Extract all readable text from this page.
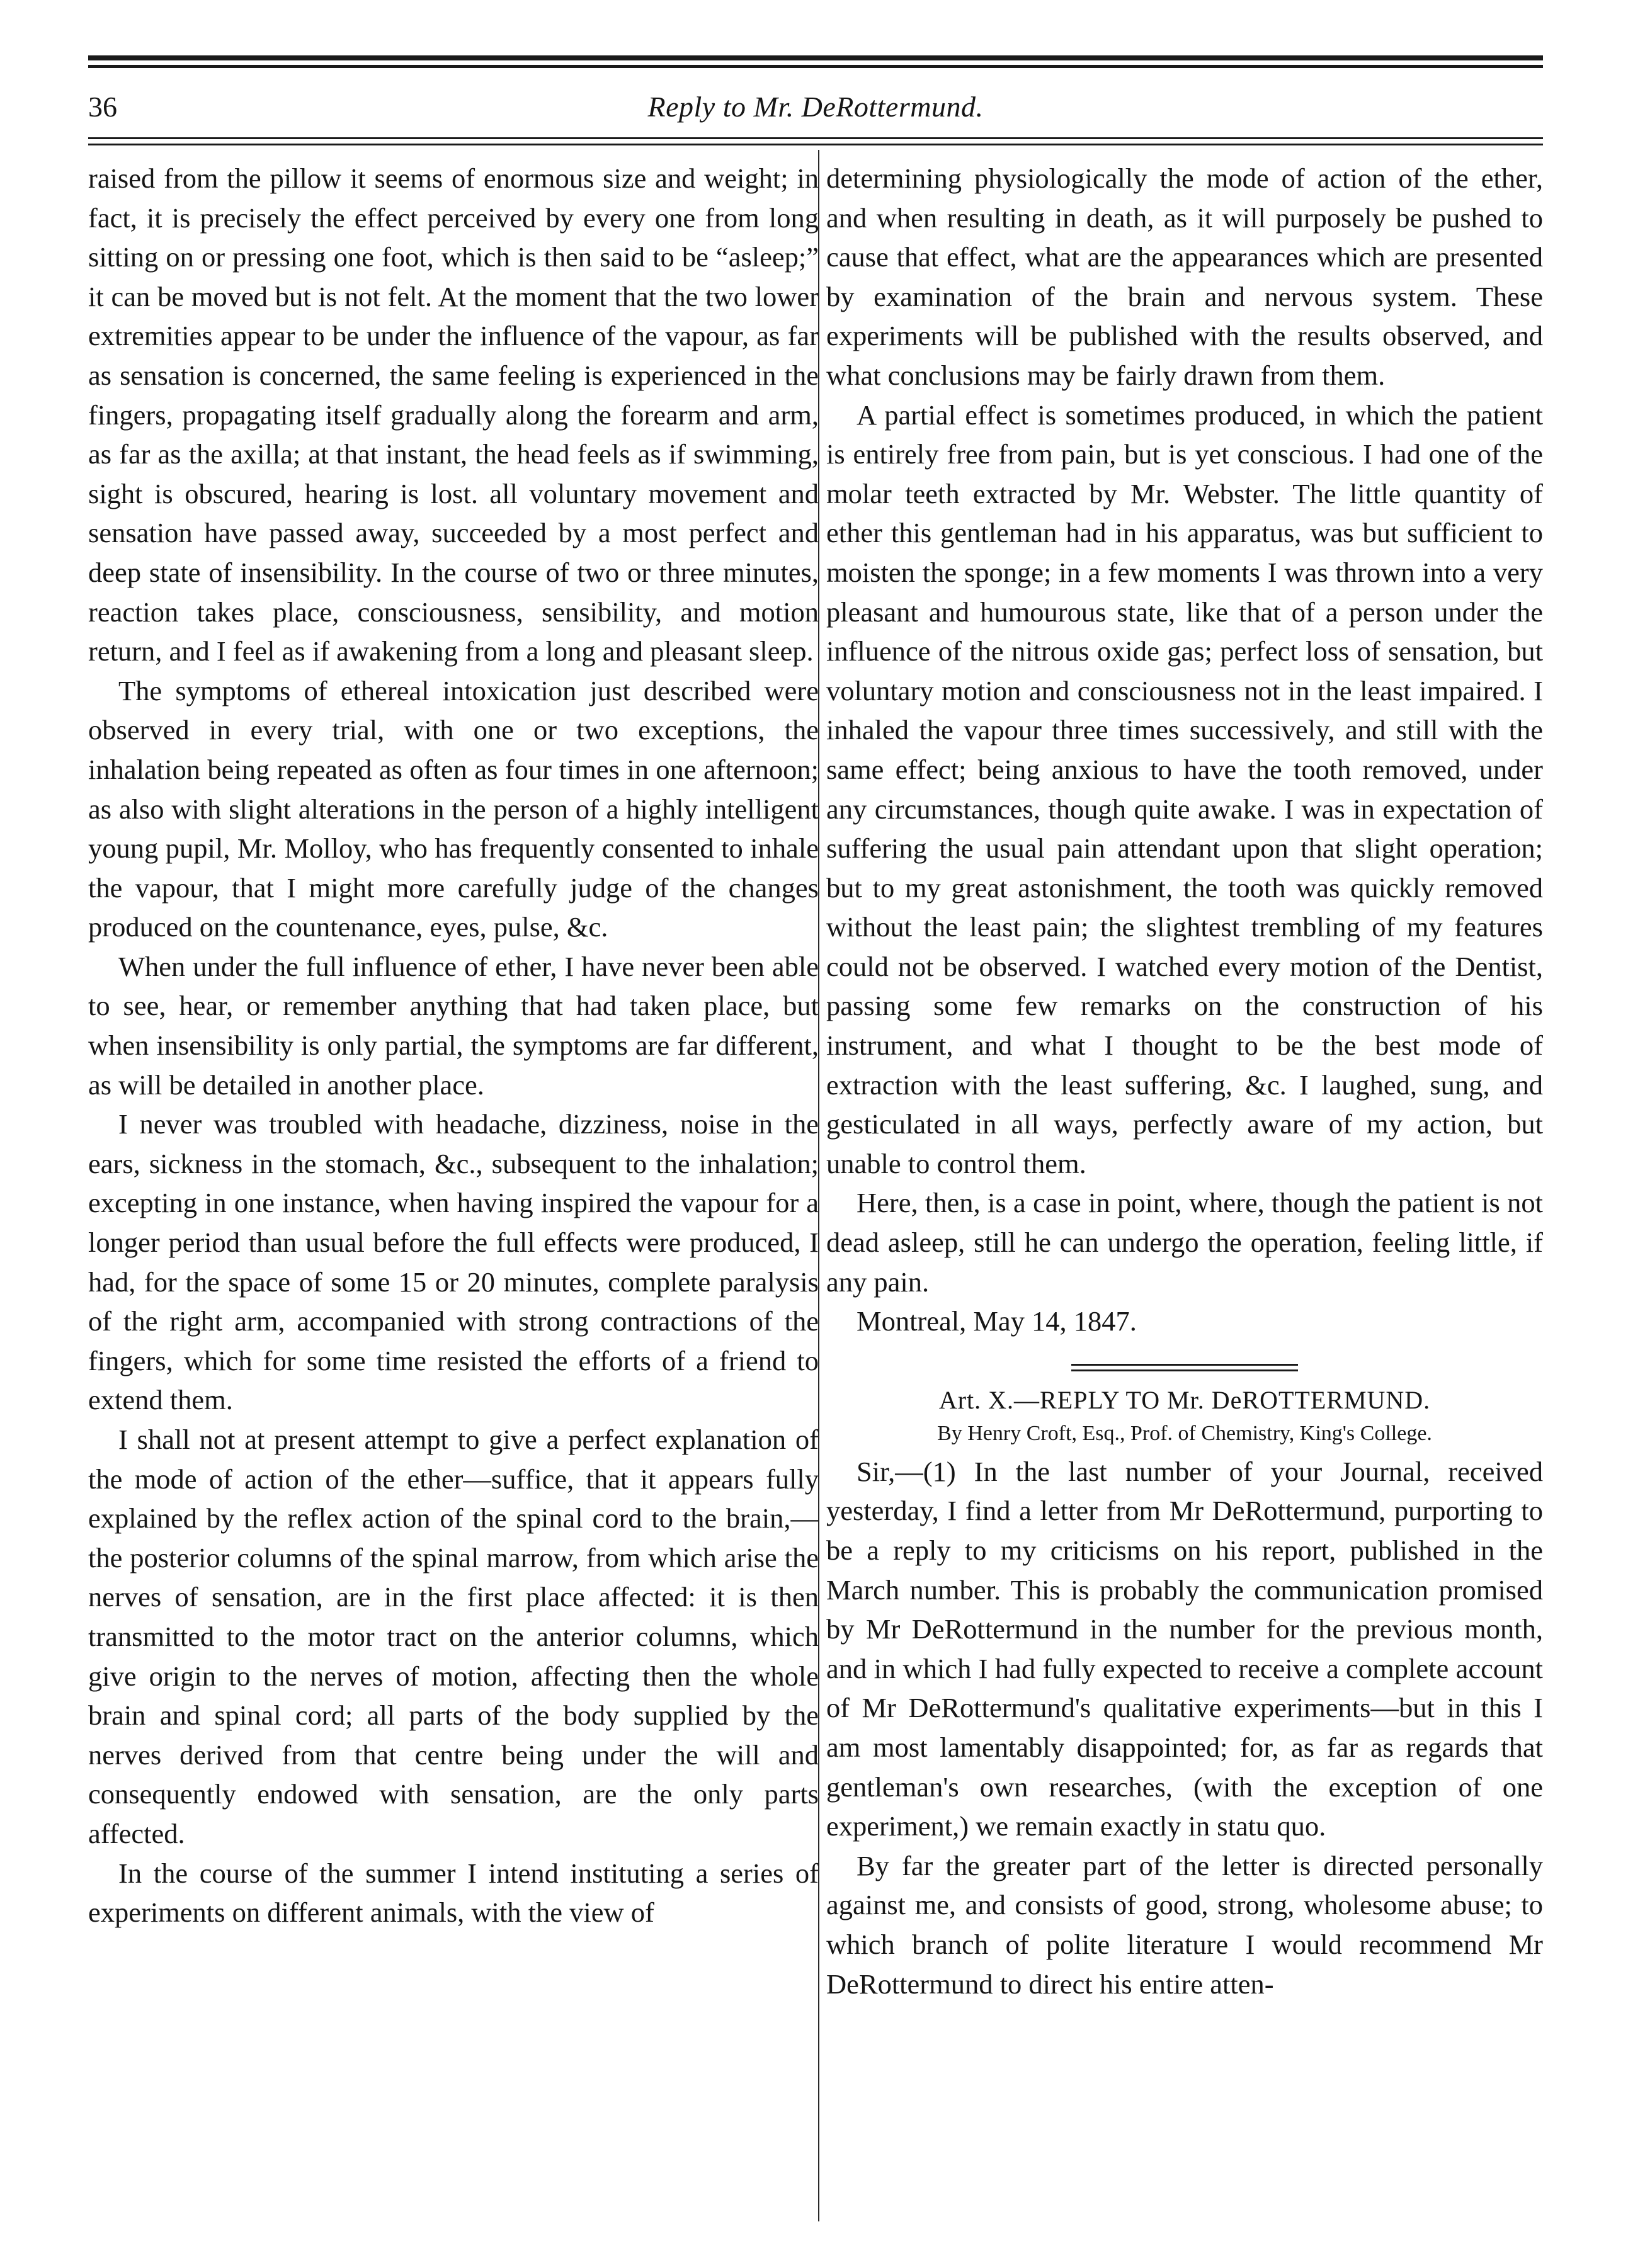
36	Reply to Mr. DeRottermund.

raised from the pillow it seems of enormous size and weight; in fact, it is precisely the effect perceived by every one from long sitting on or pressing one foot, which is then said to be “asleep;” it can be moved but is not felt. At the moment that the two lower extremities appear to be under the influence of the vapour, as far as sensation is concerned, the same feeling is experienced in the fingers, propagating itself gradually along the forearm and arm, as far as the axilla; at that instant, the head feels as if swimming, sight is obscured, hearing is lost. all voluntary movement and sensation have passed away, succeeded by a most perfect and deep state of insensibility. In the course of two or three minutes, reaction takes place, consciousness, sensibility, and motion return, and I feel as if awakening from a long and pleasant sleep.

The symptoms of ethereal intoxication just described were observed in every trial, with one or two exceptions, the inhalation being repeated as often as four times in one afternoon; as also with slight alterations in the person of a highly intelligent young pupil, Mr. Molloy, who has frequently consented to inhale the vapour, that I might more carefully judge of the changes produced on the countenance, eyes, pulse, &c.

When under the full influence of ether, I have never been able to see, hear, or remember anything that had taken place, but when insensibility is only partial, the symptoms are far different, as will be detailed in another place.

I never was troubled with headache, dizziness, noise in the ears, sickness in the stomach, &c., subsequent to the inhalation; excepting in one instance, when having inspired the vapour for a longer period than usual before the full effects were produced, I had, for the space of some 15 or 20 minutes, complete paralysis of the right arm, accompanied with strong contractions of the fingers, which for some time resisted the efforts of a friend to extend them.

I shall not at present attempt to give a perfect explanation of the mode of action of the ether—suffice, that it appears fully explained by the reflex action of the spinal cord to the brain,—the posterior columns of the spinal marrow, from which arise the nerves of sensation, are in the first place affected: it is then transmitted to the motor tract on the anterior columns, which give origin to the nerves of motion, affecting then the whole brain and spinal cord; all parts of the body supplied by the nerves derived from that centre being under the will and consequently endowed with sensation, are the only parts affected.

In the course of the summer I intend instituting a series of experiments on different animals, with the view of

determining physiologically the mode of action of the ether, and when resulting in death, as it will purposely be pushed to cause that effect, what are the appearances which are presented by examination of the brain and nervous system. These experiments will be published with the results observed, and what conclusions may be fairly drawn from them.

A partial effect is sometimes produced, in which the patient is entirely free from pain, but is yet conscious. I had one of the molar teeth extracted by Mr. Webster. The little quantity of ether this gentleman had in his apparatus, was but sufficient to moisten the sponge; in a few moments I was thrown into a very pleasant and humourous state, like that of a person under the influence of the nitrous oxide gas; perfect loss of sensation, but voluntary motion and consciousness not in the least impaired. I inhaled the vapour three times successively, and still with the same effect; being anxious to have the tooth removed, under any circumstances, though quite awake. I was in expectation of suffering the usual pain attendant upon that slight operation; but to my great astonishment, the tooth was quickly removed without the least pain; the slightest trembling of my features could not be observed. I watched every motion of the Dentist, passing some few remarks on the construction of his instrument, and what I thought to be the best mode of extraction with the least suffering, &c. I laughed, sung, and gesticulated in all ways, perfectly aware of my action, but unable to control them.

Here, then, is a case in point, where, though the patient is not dead asleep, still he can undergo the operation, feeling little, if any pain.

Montreal, May 14, 1847.

Art. X.—REPLY TO Mr. DeROTTERMUND.

By Henry Croft, Esq., Prof. of Chemistry, King's College.

Sir,—(1) In the last number of your Journal, received yesterday, I find a letter from Mr DeRottermund, purporting to be a reply to my criticisms on his report, published in the March number. This is probably the communication promised by Mr DeRottermund in the number for the previous month, and in which I had fully expected to receive a complete account of Mr DeRottermund's qualitative experiments—but in this I am most lamentably disappointed; for, as far as regards that gentleman's own researches, (with the exception of one experiment,) we remain exactly in statu quo.

By far the greater part of the letter is directed personally against me, and consists of good, strong, wholesome abuse; to which branch of polite literature I would recommend Mr DeRottermund to direct his entire atten-
